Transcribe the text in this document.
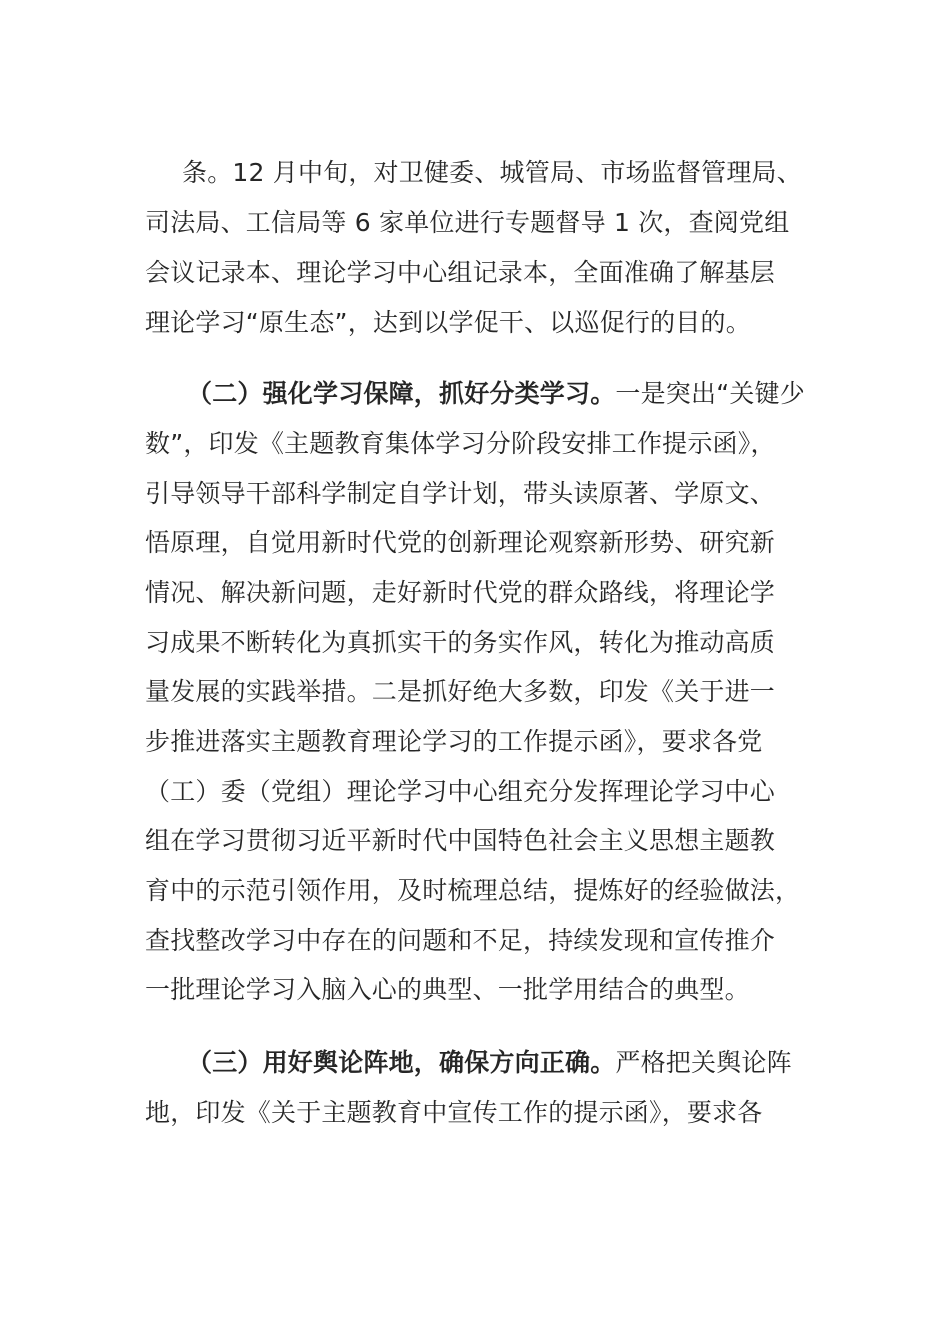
条。12 月中旬，对卫健委、城管局、市场监督管理局、
司法局、工信局等 6 家单位进行专题督导 1 次，查阅党组
会议记录本、理论学习中心组记录本，全面准确了解基层
理论学习“原生态”，达到以学促干、以巡促行的目的。
（二）强化学习保障，抓好分类学习。一是突出“关键少
数”，印发《主题教育集体学习分阶段安排工作提示函》，
引导领导干部科学制定自学计划，带头读原著、学原文、
悟原理，自觉用新时代党的创新理论观察新形势、研究新
情况、解决新问题，走好新时代党的群众路线，将理论学
习成果不断转化为真抓实干的务实作风，转化为推动高质
量发展的实践举措。二是抓好绝大多数，印发《关于进一
步推进落实主题教育理论学习的工作提示函》，要求各党
（工）委（党组）理论学习中心组充分发挥理论学习中心
组在学习贯彻习近平新时代中国特色社会主义思想主题教
育中的示范引领作用，及时梳理总结，提炼好的经验做法，
查找整改学习中存在的问题和不足，持续发现和宣传推介
一批理论学习入脑入心的典型、一批学用结合的典型。
（三）用好舆论阵地，确保方向正确。严格把关舆论阵
地，印发《关于主题教育中宣传工作的提示函》，要求各
